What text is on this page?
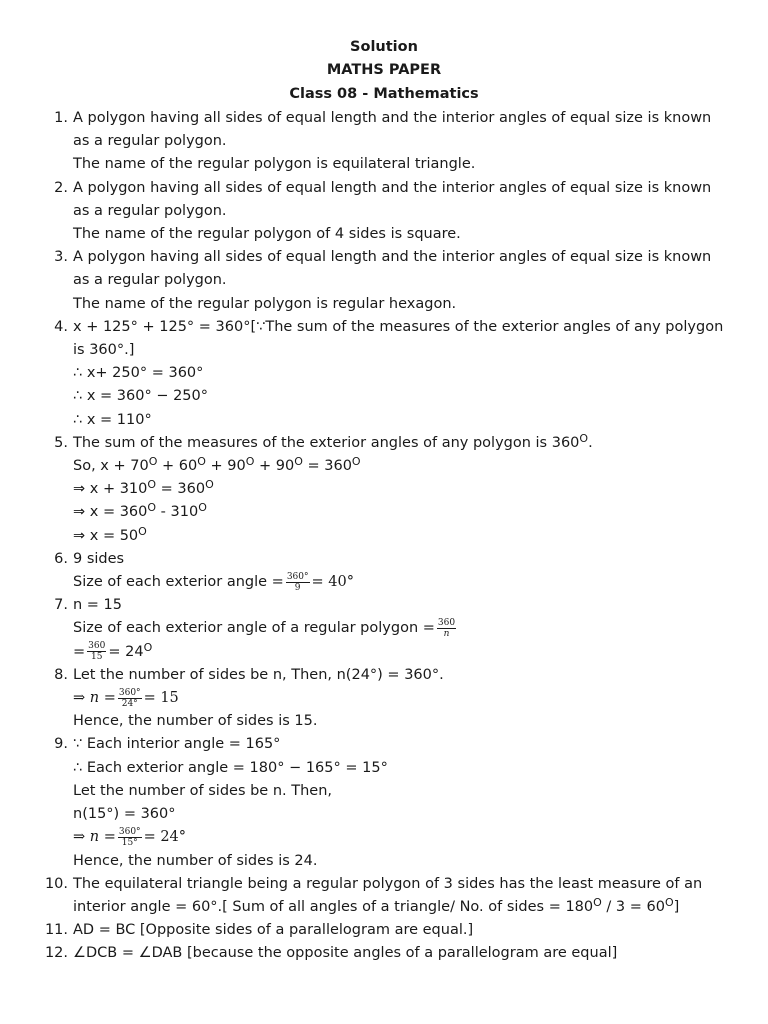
Solution
MATHS PAPER
Class 08 - Mathematics
1. A polygon having all sides of equal length and the interior angles of equal size is known as a regular polygon.
The name of the regular polygon is equilateral triangle.
2. A polygon having all sides of equal length and the interior angles of equal size is known as a regular polygon.
The name of the regular polygon of 4 sides is square.
3. A polygon having all sides of equal length and the interior angles of equal size is known as a regular polygon.
The name of the regular polygon is regular hexagon.
4. x + 125° + 125° = 360°[∵The sum of the measures of the exterior angles of any polygon is 360°.]
∴ x+ 250° = 360°
∴ x = 360° − 250°
∴ x = 110°
5. The sum of the measures of the exterior angles of any polygon is $360^O$.
So, $x + 70^O + 60^O + 90^O + 90^O = 360^O$
⇒ $x + 310^O = 360^O$
⇒ $x = 360^O - 310^O$
⇒ $x = 50^O$
6. 9 sides
Size of each exterior angle = $\frac{360^\circ}{9} = 40^\circ$
7. n = 15
Size of each exterior angle of a regular polygon = $\frac{360}{n}$
= $\frac{360}{15} = 24^O$
8. Let the number of sides be n, Then, n(24°) = 360°.
⇒ $n = \frac{360^\circ}{24^\circ} = 15$
Hence, the number of sides is 15.
9. ∵ Each interior angle = 165°
∴ Each exterior angle = 180° − 165° = 15°
Let the number of sides be n. Then,
n(15°) = 360°
⇒ $n = \frac{360^\circ}{15^\circ} = 24^\circ$
Hence, the number of sides is 24.
10. The equilateral triangle being a regular polygon of 3 sides has the least measure of an interior angle = 60°.[ Sum of all angles of a triangle/ No. of sides = $180^O / 3 = 60^O$]
11. AD = BC [Opposite sides of a parallelogram are equal.]
12. ∠DCB = ∠DAB [because the opposite angles of a parallelogram are equal]
